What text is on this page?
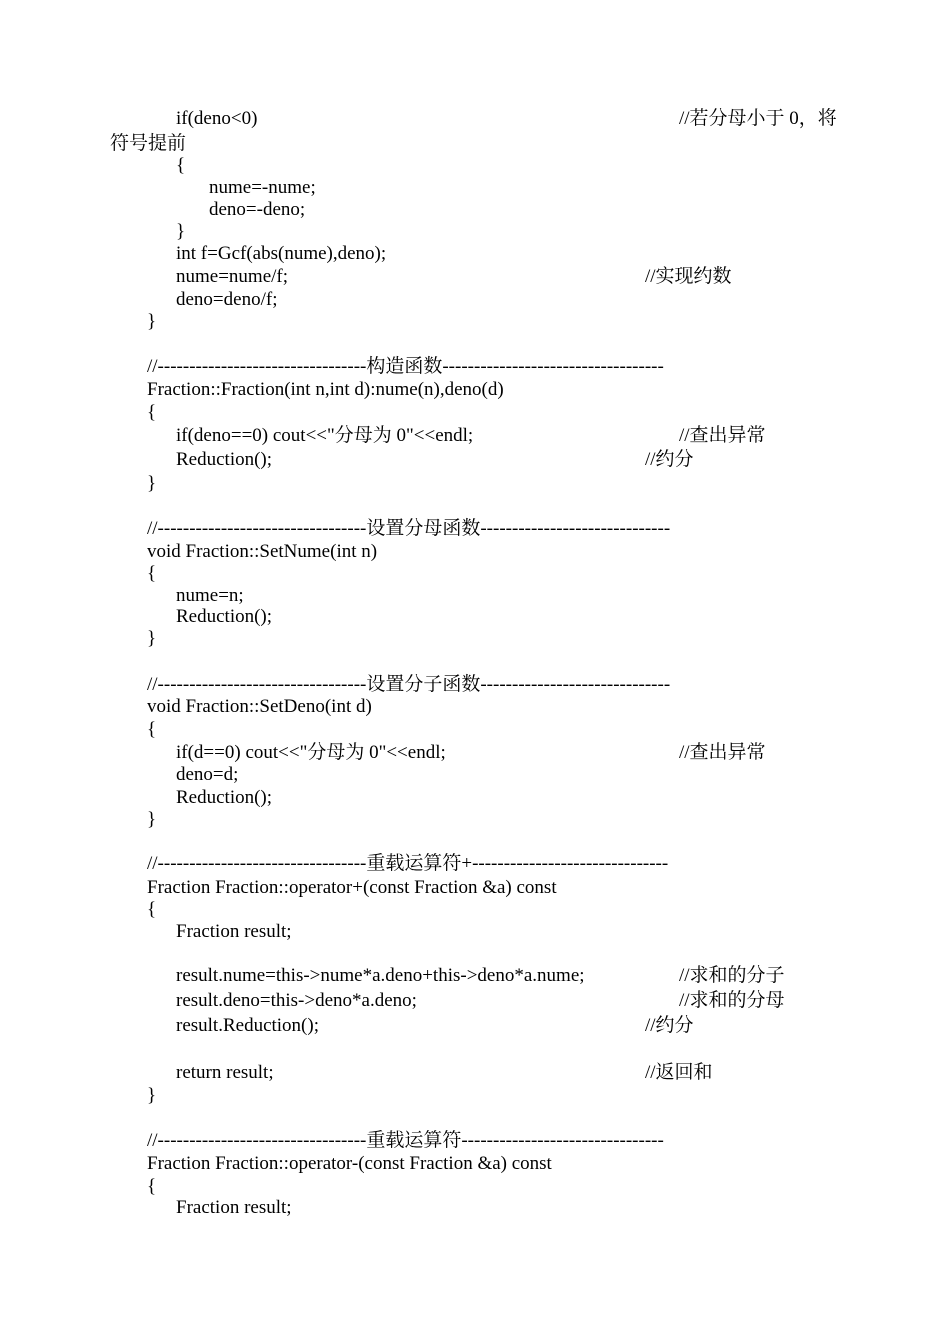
if(deno<0)	//若分母小于 0，将
符号提前
{
nume=-nume;
deno=-deno;
}
int f=Gcf(abs(nume),deno);
nume=nume/f;	//实现约数
deno=deno/f;
}
//---------------------------------构造函数-----------------------------------
Fraction::Fraction(int n,int d):nume(n),deno(d)
{
if(deno==0) cout<<"分母为 0"<<endl;	//查出异常
Reduction();	//约分
}
//---------------------------------设置分母函数------------------------------
void Fraction::SetNume(int n)
{
nume=n;
Reduction();
}
//---------------------------------设置分子函数------------------------------
void Fraction::SetDeno(int d)
{
if(d==0) cout<<"分母为 0"<<endl;	//查出异常
deno=d;
Reduction();
}
//---------------------------------重载运算符+-------------------------------
Fraction Fraction::operator+(const Fraction &a) const
{
Fraction result;
result.nume=this->nume*a.deno+this->deno*a.nume;	//求和的分子
result.deno=this->deno*a.deno;	//求和的分母
result.Reduction();	//约分
return result;	//返回和
}
//---------------------------------重载运算符--------------------------------
Fraction Fraction::operator-(const Fraction &a) const
{
Fraction result;
